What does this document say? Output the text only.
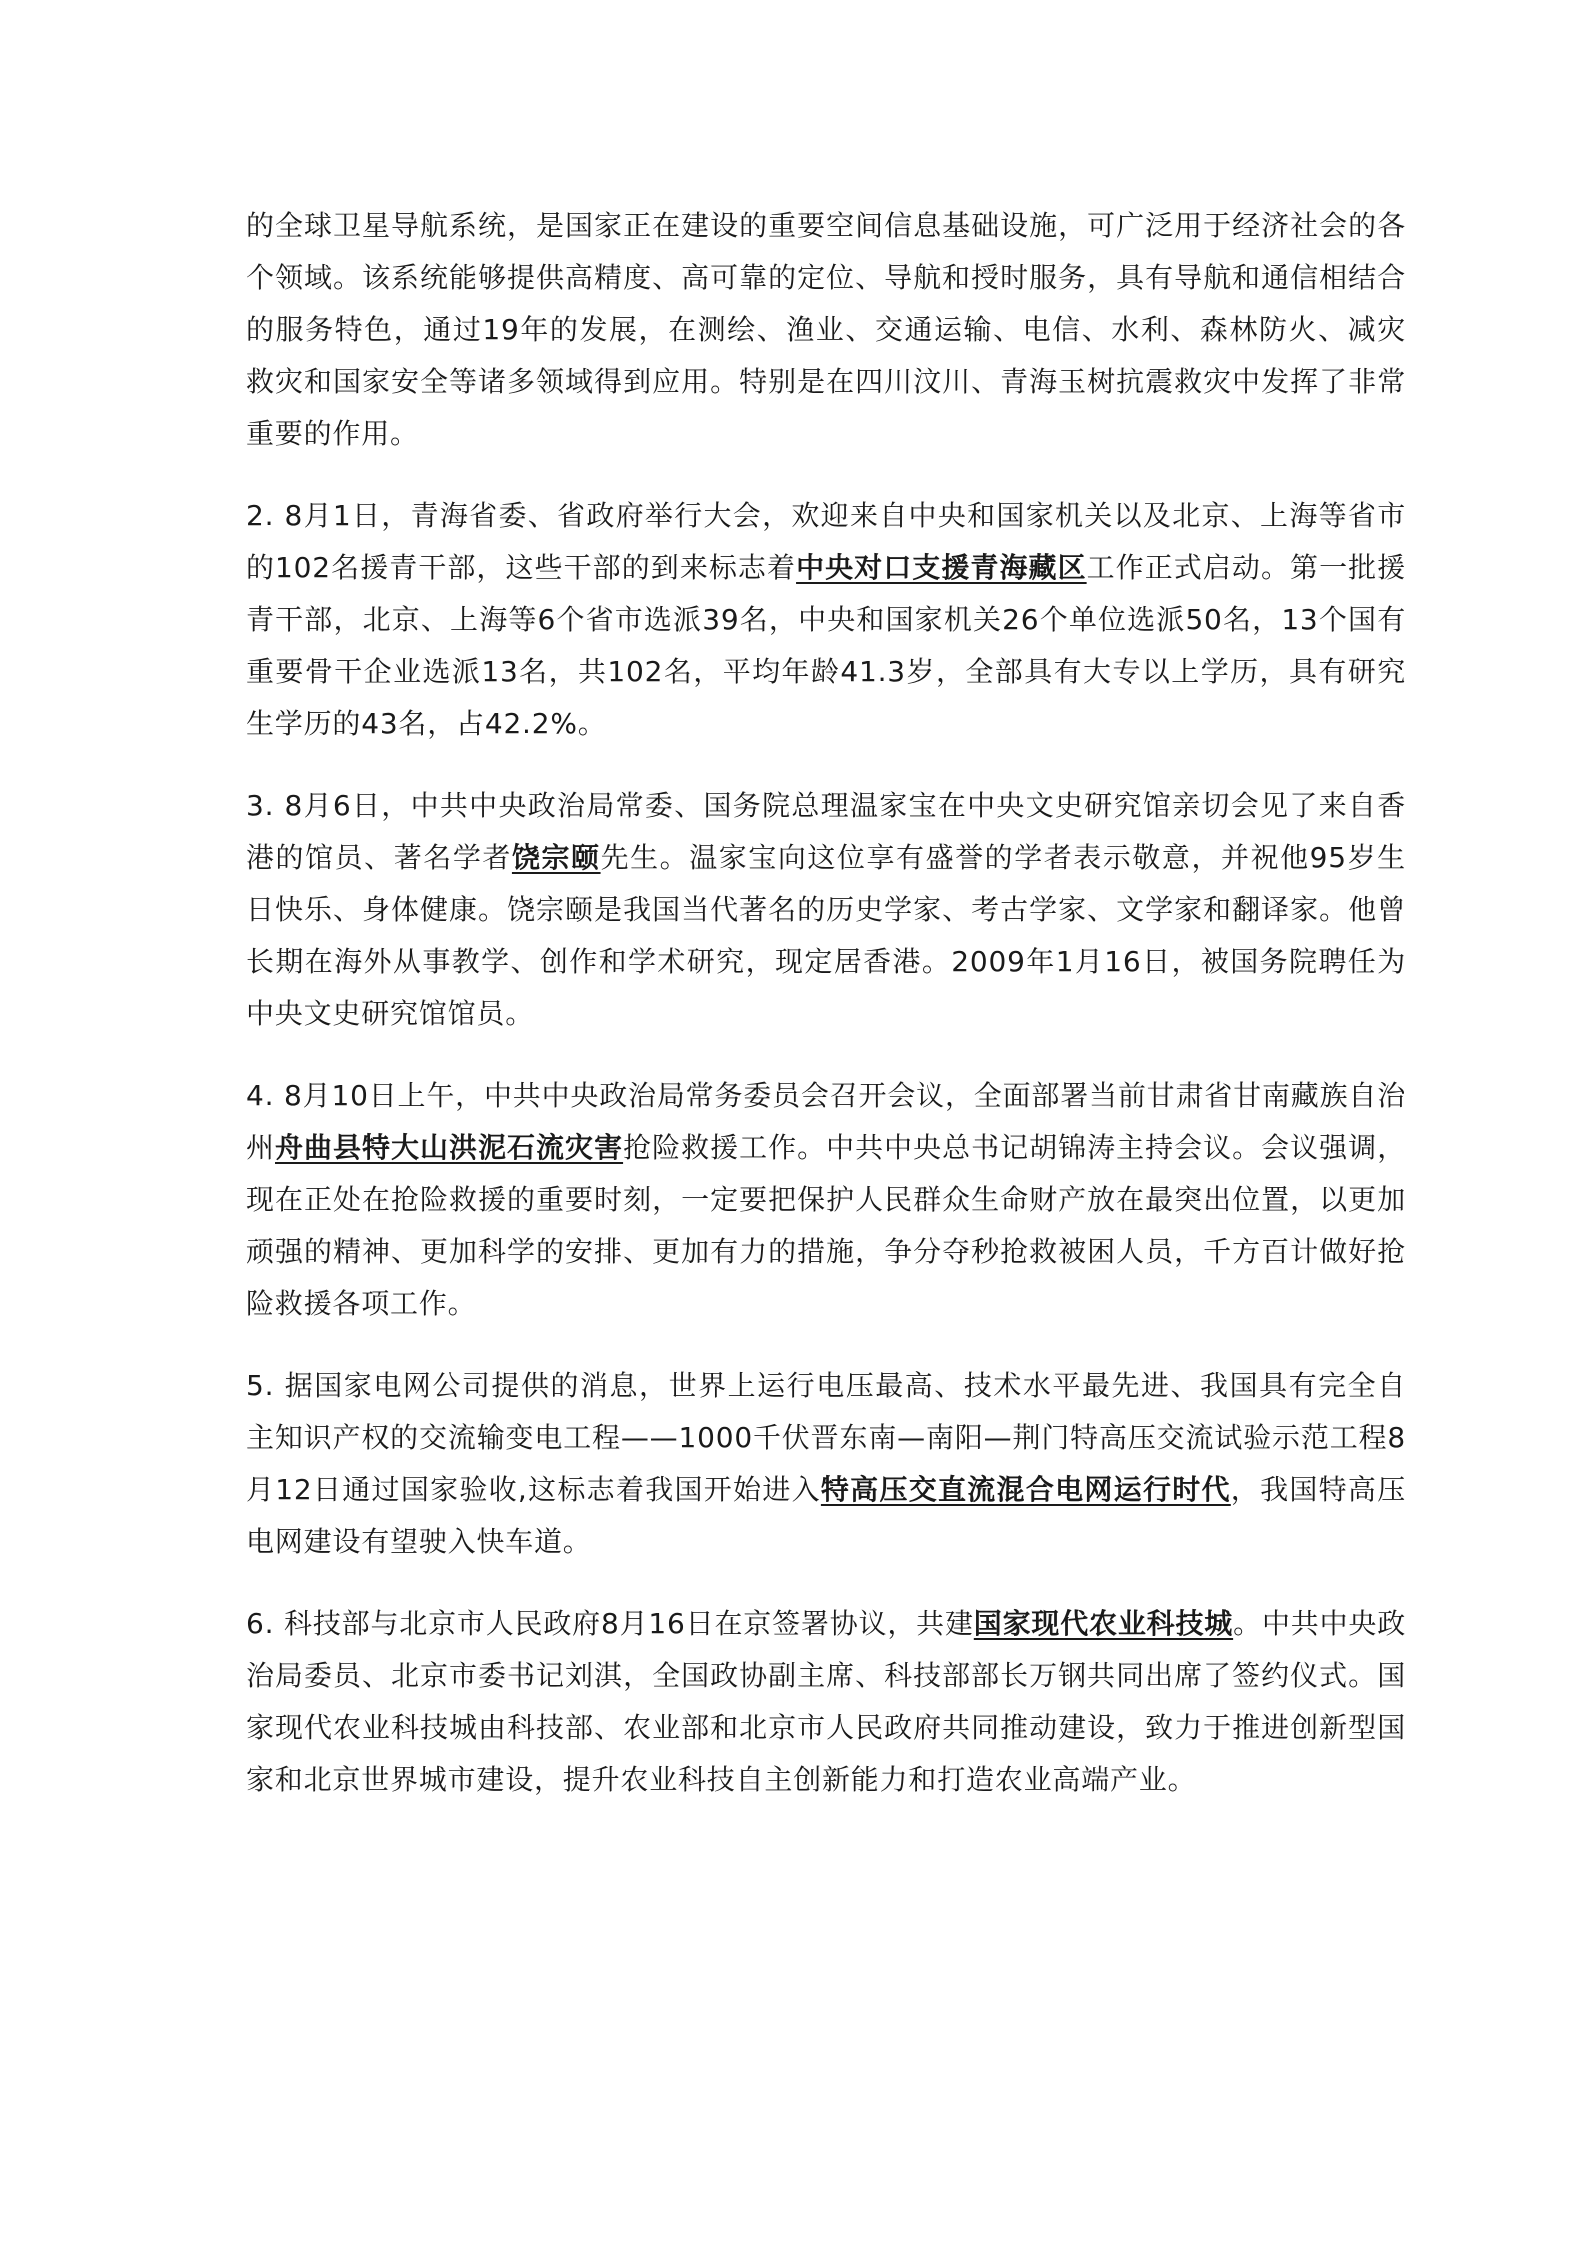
的全球卫星导航系统，是国家正在建设的重要空间信息基础设施，可广泛用于经济社会的各个领域。该系统能够提供高精度、高可靠的定位、导航和授时服务，具有导航和通信相结合的服务特色，通过19年的发展，在测绘、渔业、交通运输、电信、水利、森林防火、减灾救灾和国家安全等诸多领域得到应用。特别是在四川汶川、青海玉树抗震救灾中发挥了非常重要的作用。

2. 8月1日，青海省委、省政府举行大会，欢迎来自中央和国家机关以及北京、上海等省市的102名援青干部，这些干部的到来标志着中央对口支援青海藏区工作正式启动。第一批援青干部，北京、上海等6个省市选派39名，中央和国家机关26个单位选派50名，13个国有重要骨干企业选派13名，共102名，平均年龄41.3岁，全部具有大专以上学历，具有研究生学历的43名，占42.2%。

3. 8月6日，中共中央政治局常委、国务院总理温家宝在中央文史研究馆亲切会见了来自香港的馆员、著名学者饶宗颐先生。温家宝向这位享有盛誉的学者表示敬意，并祝他95岁生日快乐、身体健康。饶宗颐是我国当代著名的历史学家、考古学家、文学家和翻译家。他曾长期在海外从事教学、创作和学术研究，现定居香港。2009年1月16日，被国务院聘任为中央文史研究馆馆员。

4. 8月10日上午，中共中央政治局常务委员会召开会议，全面部署当前甘肃省甘南藏族自治州舟曲县特大山洪泥石流灾害抢险救援工作。中共中央总书记胡锦涛主持会议。会议强调，现在正处在抢险救援的重要时刻，一定要把保护人民群众生命财产放在最突出位置，以更加顽强的精神、更加科学的安排、更加有力的措施，争分夺秒抢救被困人员，千方百计做好抢险救援各项工作。

5. 据国家电网公司提供的消息，世界上运行电压最高、技术水平最先进、我国具有完全自主知识产权的交流输变电工程——1000千伏晋东南—南阳—荆门特高压交流试验示范工程8月12日通过国家验收,这标志着我国开始进入特高压交直流混合电网运行时代，我国特高压电网建设有望驶入快车道。

6. 科技部与北京市人民政府8月16日在京签署协议，共建国家现代农业科技城。中共中央政治局委员、北京市委书记刘淇，全国政协副主席、科技部部长万钢共同出席了签约仪式。国家现代农业科技城由科技部、农业部和北京市人民政府共同推动建设，致力于推进创新型国家和北京世界城市建设，提升农业科技自主创新能力和打造农业高端产业。
